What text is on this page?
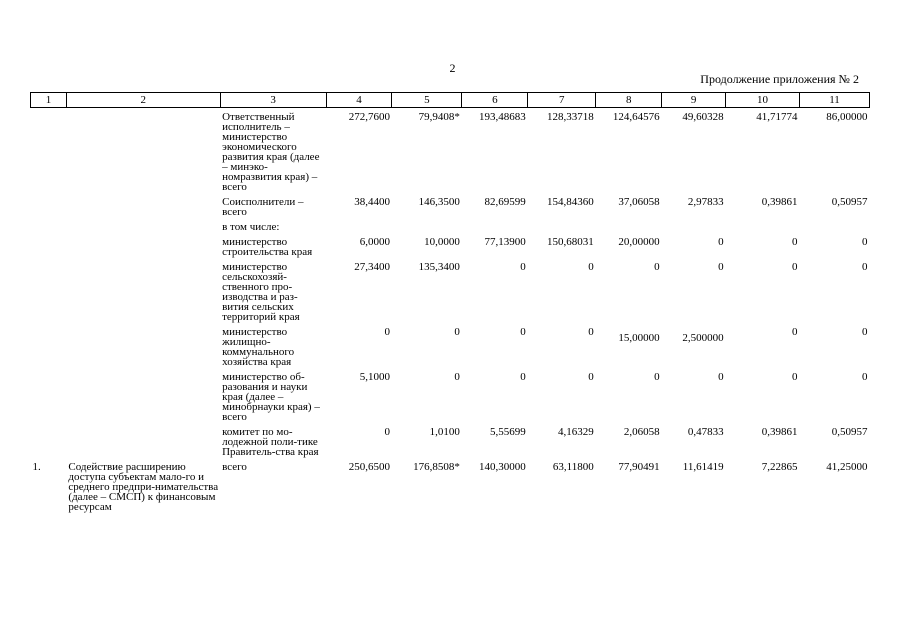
2
Продолжение приложения № 2
1	2	3	4	5	6	7	8	9	10	11
		Ответственный исполнитель – министерство экономического развития края (далее – минэко-номразвития края) – всего	272,7600	79,9408*	193,48683	128,33718	124,64576	49,60328	41,71774	86,00000
		Соисполнители – всего	38,4400	146,3500	82,69599	154,84360	37,06058	2,97833	0,39861	0,50957
		в том числе:								
		министерство строительства края	6,0000	10,0000	77,13900	150,68031	20,00000	0	0	0
		министерство сельскохозяй-ственного про-изводства и раз-вития сельских территорий края	27,3400	135,3400	0	0	0	0	0	0
		министерство жилищно-коммунального хозяйства края	0	0	0	0	15,00000	2,500000	0	0
		министерство об-разования и науки края (далее – минобрнауки края) – всего	5,1000	0	0	0	0	0	0	0
		комитет по мо-лодежной поли-тике Правитель-ства края	0	1,0100	5,55699	4,16329	2,06058	0,47833	0,39861	0,50957
1.	Содействие расширению доступа субъектам мало-го и среднего предпри-нимательства (далее – СМСП) к финансовым ресурсам	всего	250,6500	176,8508*	140,30000	63,11800	77,90491	11,61419	7,22865	41,25000
